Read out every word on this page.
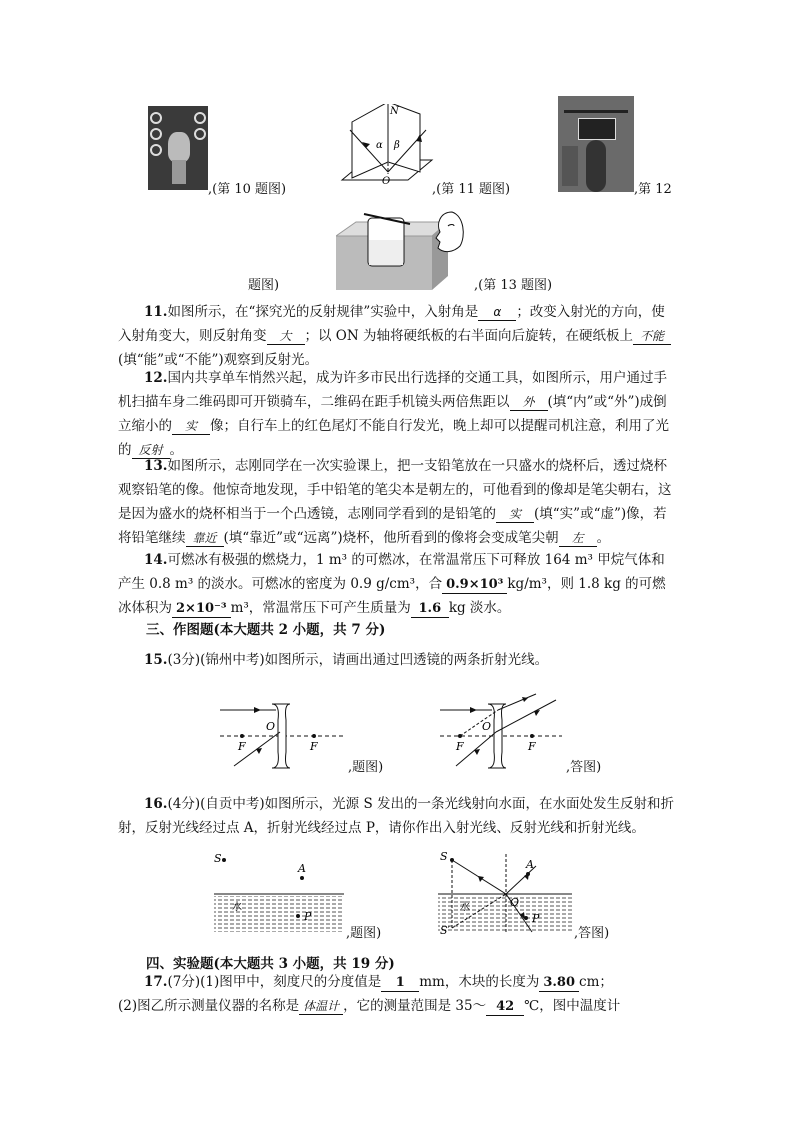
,(第 10 题图)
N
α β
O
,(第 11 题图)	,第 12
题图)	,(第 13 题图)

11.如图所示，在“探究光的反射规律”实验中，入射角是 α ；改变入射光的方向，使入射角变大，则反射角变 大 ；以 ON 为轴将硬纸板的右半面向后旋转，在硬纸板上 不能(填“能”或“不能”)观察到反射光。

12.国内共享单车悄然兴起，成为许多市民出行选择的交通工具，如图所示，用户通过手机扫描车身二维码即可开锁骑车，二维码在距手机镜头两倍焦距以 外 (填“内”或“外”)成倒立缩小的 实 像；自行车上的红色尾灯不能自行发光，晚上却可以提醒司机注意，利用了光的 反射 。

13.如图所示，志刚同学在一次实验课上，把一支铅笔放在一只盛水的烧杯后，透过烧杯观察铅笔的像。他惊奇地发现，手中铅笔的笔尖本是朝左的，可他看到的像却是笔尖朝右，这是因为盛水的烧杯相当于一个凸透镜，志刚同学看到的是铅笔的 实 (填“实”或“虚”)像，若将铅笔继续 靠近 (填“靠近”或“远离”)烧杯，他所看到的像将会变成笔尖朝 左 。

14.可燃冰有极强的燃烧力，1 m³ 的可燃冰，在常温常压下可释放 164 m³ 甲烷气体和产生 0.8 m³ 的淡水。可燃冰的密度为 0.9 g/cm³，合 0.9×10³ kg/m³，则 1.8 kg 的可燃冰体积为 2×10⁻³ m³，常温常压下可产生质量为 1.6 kg 淡水。

三、作图题(本大题共 2 小题，共 7 分)

15.(3分)(锦州中考)如图所示，请画出通过凹透镜的两条折射光线。

O
F	F
,题图)
O
F	F
,答图)

16.(4分)(自贡中考)如图所示，光源 S 发出的一条光线射向水面，在水面处发生反射和折射，反射光线经过点 A，折射光线经过点 P，请你作出入射光线、反射光线和折射光线。

S
A
P
水
,题图)
S
S′
A
O
P
水
,答图)
四、实验题(本大题共 3 小题，共 19 分)

17.(7分)(1)图甲中，刻度尺的分度值是 1 mm，木块的长度为 3.80 cm；
(2)图乙所示测量仪器的名称是 体温计 ，它的测量范围是 35～ 42 ℃，图中温度计
